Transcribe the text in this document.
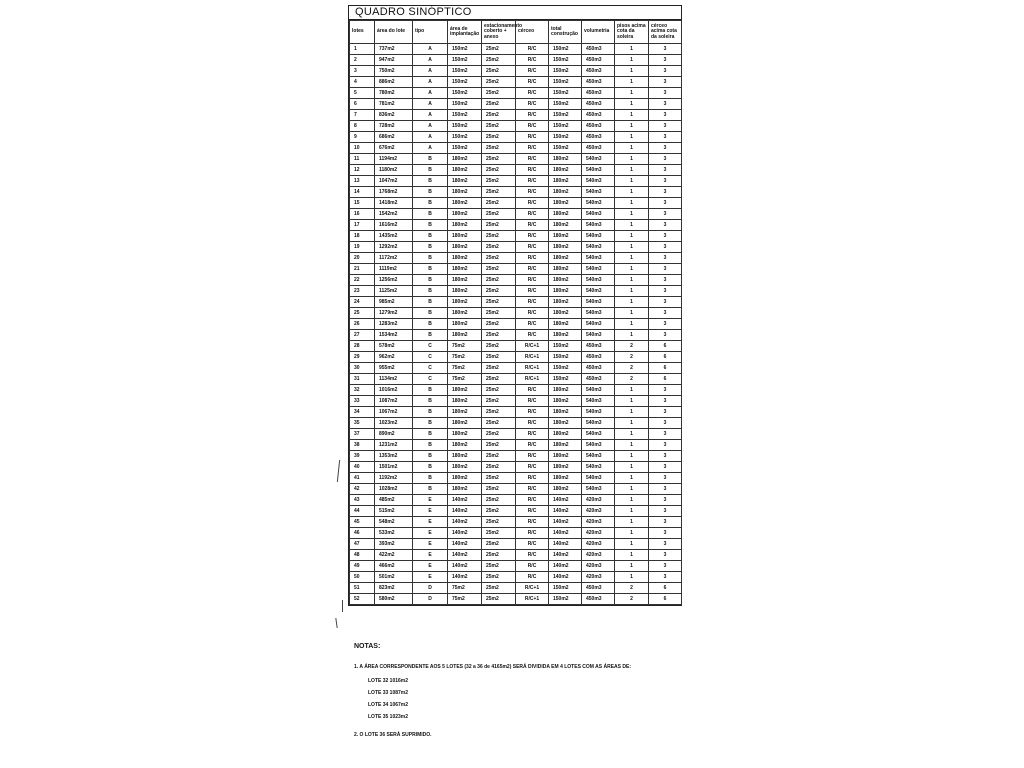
QUADRO SINÓPTICO
lotes	área do lote	tipo	área de implantação	estacionamento coberto + anexo	cérceo	total construção	volumetria	pisos acima cota da soleira	cérceo acima cota da soleira
1	737m2	A	150m2	25m2	R/C	150m2	450m3	1	3
2	947m2	A	150m2	25m2	R/C	150m2	450m3	1	3
3	750m2	A	150m2	25m2	R/C	150m2	450m3	1	3
4	886m2	A	150m2	25m2	R/C	150m2	450m3	1	3
5	780m2	A	150m2	25m2	R/C	150m2	450m3	1	3
6	781m2	A	150m2	25m2	R/C	150m2	450m3	1	3
7	836m2	A	150m2	25m2	R/C	150m2	450m3	1	3
8	728m2	A	150m2	25m2	R/C	150m2	450m3	1	3
9	686m2	A	150m2	25m2	R/C	150m2	450m3	1	3
10	676m2	A	150m2	25m2	R/C	150m2	450m3	1	3
11	1194m2	B	180m2	25m2	R/C	180m2	540m3	1	3
12	1180m2	B	180m2	25m2	R/C	180m2	540m3	1	3
13	1047m2	B	180m2	25m2	R/C	180m2	540m3	1	3
14	1768m2	B	180m2	25m2	R/C	180m2	540m3	1	3
15	1418m2	B	180m2	25m2	R/C	180m2	540m3	1	3
16	1542m2	B	180m2	25m2	R/C	180m2	540m3	1	3
17	1616m2	B	180m2	25m2	R/C	180m2	540m3	1	3
18	1435m2	B	180m2	25m2	R/C	180m2	540m3	1	3
19	1292m2	B	180m2	25m2	R/C	180m2	540m3	1	3
20	1172m2	B	180m2	25m2	R/C	180m2	540m3	1	3
21	1119m2	B	180m2	25m2	R/C	180m2	540m3	1	3
22	1256m2	B	180m2	25m2	R/C	180m2	540m3	1	3
23	1125m2	B	180m2	25m2	R/C	180m2	540m3	1	3
24	985m2	B	180m2	25m2	R/C	180m2	540m3	1	3
25	1279m2	B	180m2	25m2	R/C	180m2	540m3	1	3
26	1283m2	B	180m2	25m2	R/C	180m2	540m3	1	3
27	1534m2	B	180m2	25m2	R/C	180m2	540m3	1	3
28	578m2	C	75m2	25m2	R/C+1	150m2	450m3	2	6
29	962m2	C	75m2	25m2	R/C+1	150m2	450m3	2	6
30	955m2	C	75m2	25m2	R/C+1	150m2	450m3	2	6
31	1134m2	C	75m2	25m2	R/C+1	150m2	450m3	2	6
32	1016m2	B	180m2	25m2	R/C	180m2	540m3	1	3
33	1087m2	B	180m2	25m2	R/C	180m2	540m3	1	3
34	1067m2	B	180m2	25m2	R/C	180m2	540m3	1	3
35	1023m2	B	180m2	25m2	R/C	180m2	540m3	1	3
37	890m2	B	180m2	25m2	R/C	180m2	540m3	1	3
38	1231m2	B	180m2	25m2	R/C	180m2	540m3	1	3
39	1353m2	B	180m2	25m2	R/C	180m2	540m3	1	3
40	1501m2	B	180m2	25m2	R/C	180m2	540m3	1	3
41	1192m2	B	180m2	25m2	R/C	180m2	540m3	1	3
42	1028m2	B	180m2	25m2	R/C	180m2	540m3	1	3
43	485m2	E	140m2	25m2	R/C	140m2	420m3	1	3
44	515m2	E	140m2	25m2	R/C	140m2	420m3	1	3
45	548m2	E	140m2	25m2	R/C	140m2	420m3	1	3
46	533m2	E	140m2	25m2	R/C	140m2	420m3	1	3
47	393m2	E	140m2	25m2	R/C	140m2	420m3	1	3
48	422m2	E	140m2	25m2	R/C	140m2	420m3	1	3
49	466m2	E	140m2	25m2	R/C	140m2	420m3	1	3
50	501m2	E	140m2	25m2	R/C	140m2	420m3	1	3
51	823m2	D	75m2	25m2	R/C+1	150m2	450m3	2	6
52	580m2	D	75m2	25m2	R/C+1	150m2	450m3	2	6
NOTAS:
1. A ÁREA CORRESPONDENTE AOS 5 LOTES (32 a 36 de 4165m2) SERÁ DIVIDIDA EM 4 LOTES COM AS ÁREAS DE:
LOTE 32 1016m2
LOTE 33 1087m2
LOTE 34 1067m2
LOTE 35 1023m2
2. O LOTE 36 SERÁ SUPRIMIDO.
